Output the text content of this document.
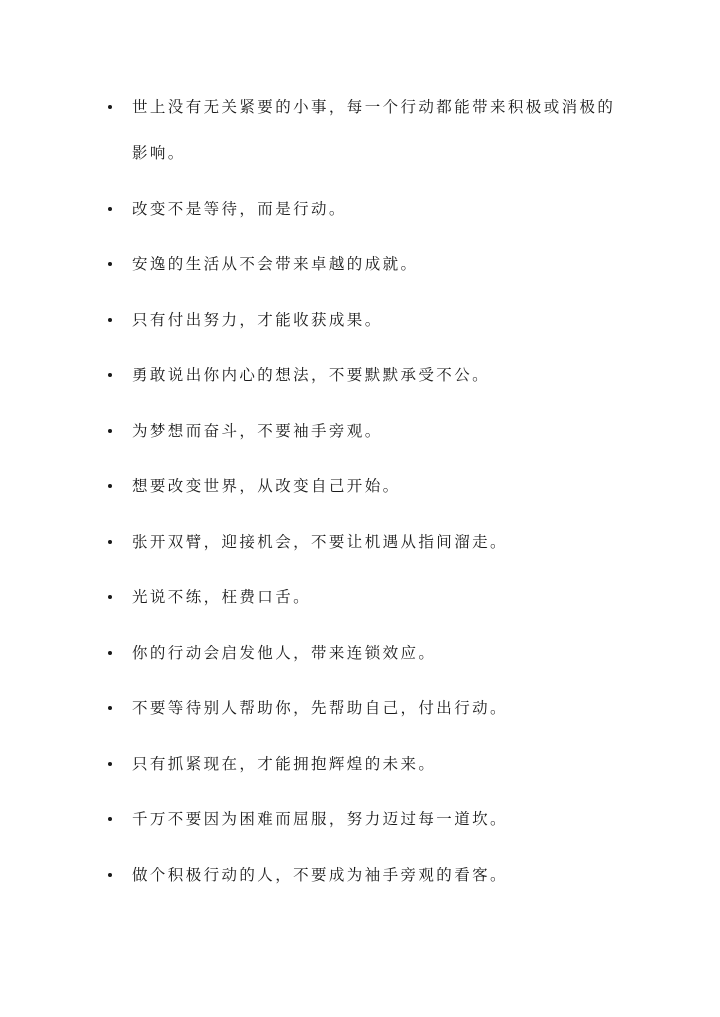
世上没有无关紧要的小事，每一个行动都能带来积极或消极的影响。
改变不是等待，而是行动。
安逸的生活从不会带来卓越的成就。
只有付出努力，才能收获成果。
勇敢说出你内心的想法，不要默默承受不公。
为梦想而奋斗，不要袖手旁观。
想要改变世界，从改变自己开始。
张开双臂，迎接机会，不要让机遇从指间溜走。
光说不练，枉费口舌。
你的行动会启发他人，带来连锁效应。
不要等待别人帮助你，先帮助自己，付出行动。
只有抓紧现在，才能拥抱辉煌的未来。
千万不要因为困难而屈服，努力迈过每一道坎。
做个积极行动的人，不要成为袖手旁观的看客。
